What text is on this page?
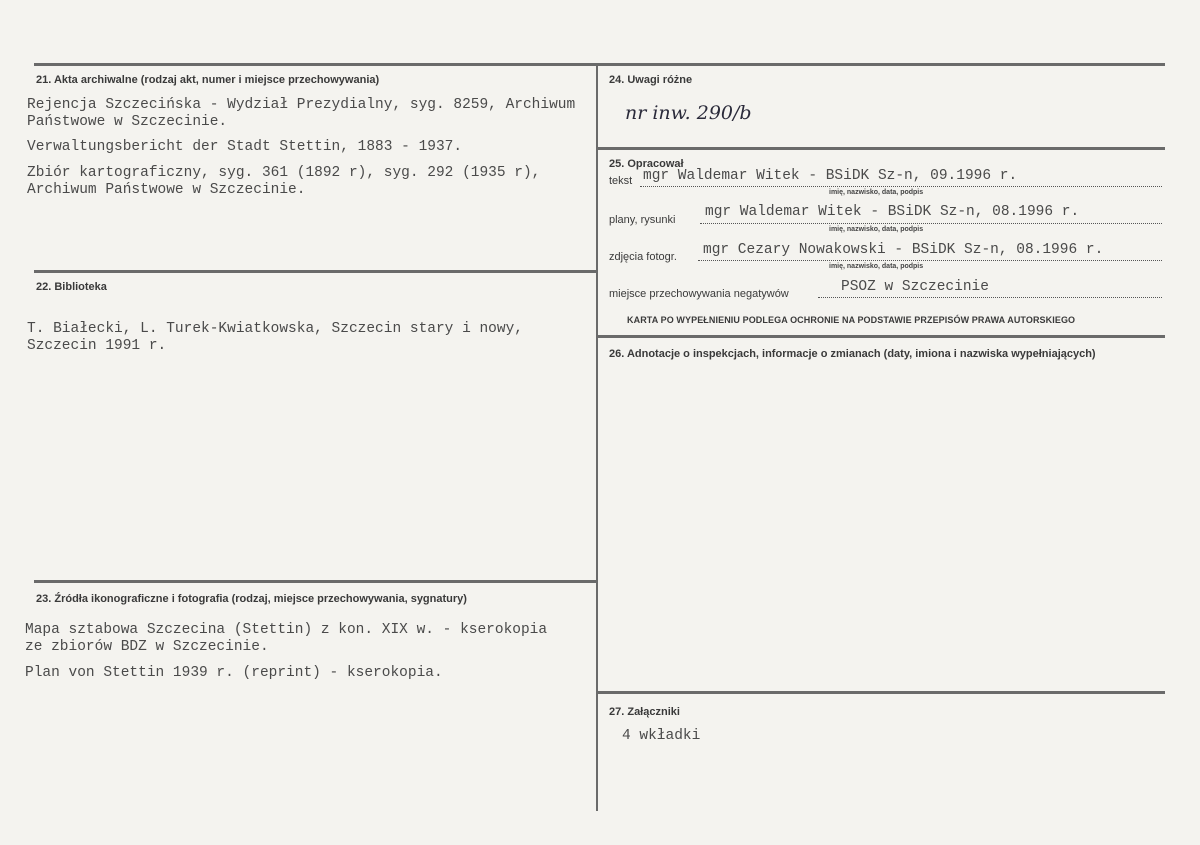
21. Akta archiwalne (rodzaj akt, numer i miejsce przechowywania)
Rejencja Szczecińska - Wydział Prezydialny, syg. 8259, Archiwum
Państwowe w Szczecinie.
Verwaltungsbericht der Stadt Stettin, 1883 - 1937.
Zbiór kartograficzny, syg. 361 (1892 r), syg. 292 (1935 r),
Archiwum Państwowe w Szczecinie.
22. Biblioteka
T. Białecki, L. Turek-Kwiatkowska, Szczecin stary i nowy,
Szczecin 1991 r.
23. Źródła ikonograficzne i fotografia (rodzaj, miejsce przechowywania, sygnatury)
Mapa sztabowa Szczecina (Stettin) z kon. XIX w. - kserokopia
ze zbiorów BDZ w Szczecinie.
Plan von Stettin 1939 r. (reprint) - kserokopia.
24. Uwagi różne
nr inw. 290/b
25. Opracował
tekst mgr Waldemar Witek - BSiDK Sz-n, 09.1996 r.
imię, nazwisko, data, podpis
plany, rysunki mgr Waldemar Witek - BSiDK Sz-n, 08.1996 r.
imię, nazwisko, data, podpis
zdjęcia fotogr. mgr Cezary Nowakowski - BSiDK Sz-n, 08.1996 r.
imię, nazwisko, data, podpis
miejsce przechowywania negatywów	PSOZ w Szczecinie
KARTA PO WYPEŁNIENIU PODLEGA OCHRONIE NA PODSTAWIE PRZEPISÓW PRAWA AUTORSKIEGO
26. Adnotacje o inspekcjach, informacje o zmianach (daty, imiona i nazwiska wypełniających)
27. Załączniki
4 wkładki
